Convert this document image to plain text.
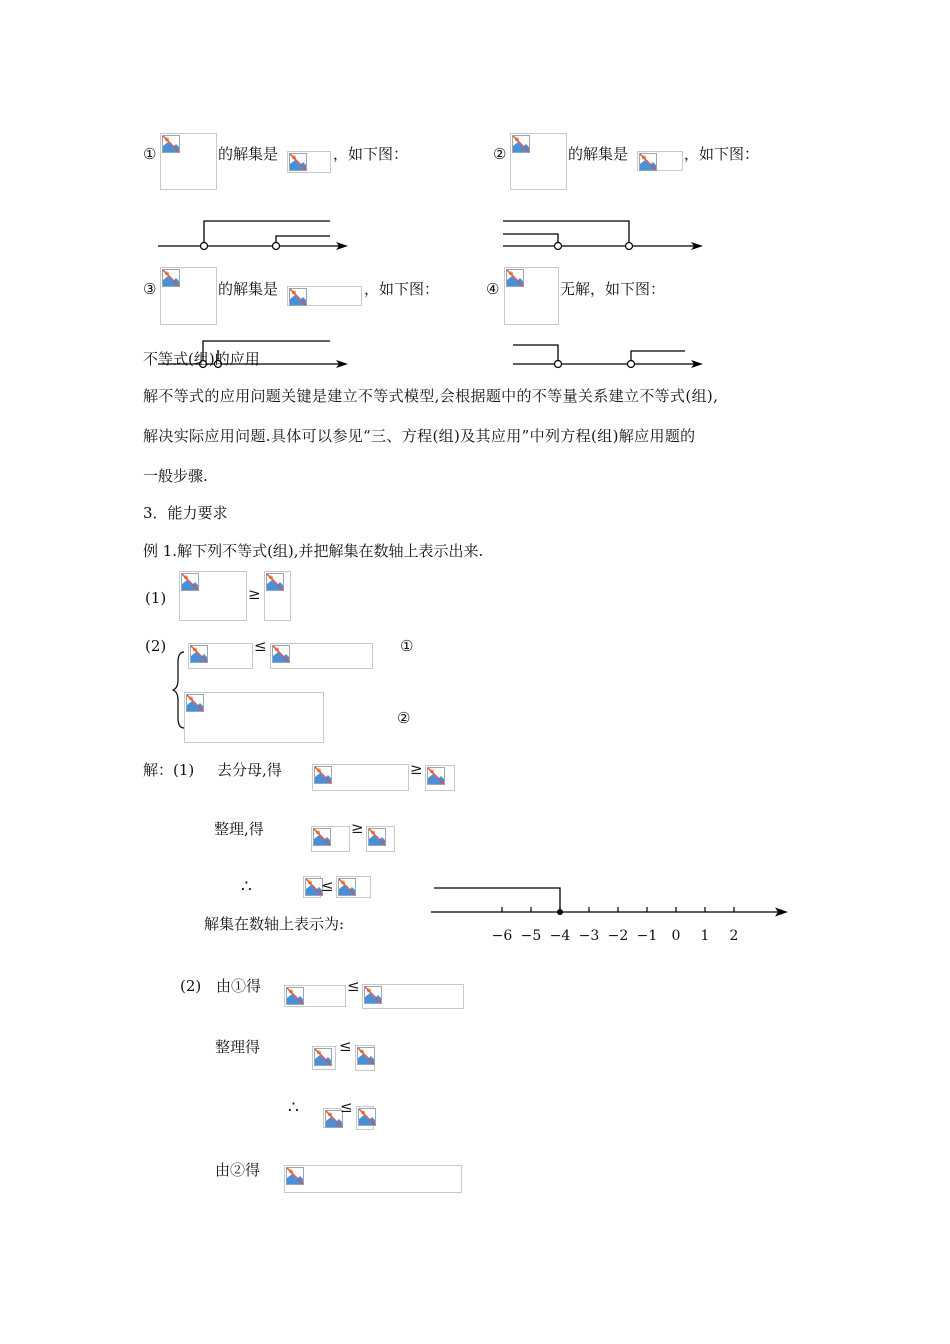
①	的解集是	，如下图：	②	的解集是	，如下图：
③	的解集是	，如下图：	④	无解，如下图：
不等式(组)的应用
解不等式的应用问题关键是建立不等式模型,会根据题中的不等量关系建立不等式(组),
解决实际应用问题.具体可以参见“三、方程(组)及其应用”中列方程(组)解应用题的
一般步骤.
3．能力要求
例 1.解下列不等式(组),并把解集在数轴上表示出来.
(1)	≥
(2)	≤	①
②
解：(1) 去分母,得	≥
整理,得	≥
∴	≤
解集在数轴上表示为:
−6 −5 −4 −3 −2 −1 0 1 2
(2) 由①得	≤
整理得	≤
∴	≤
由②得
